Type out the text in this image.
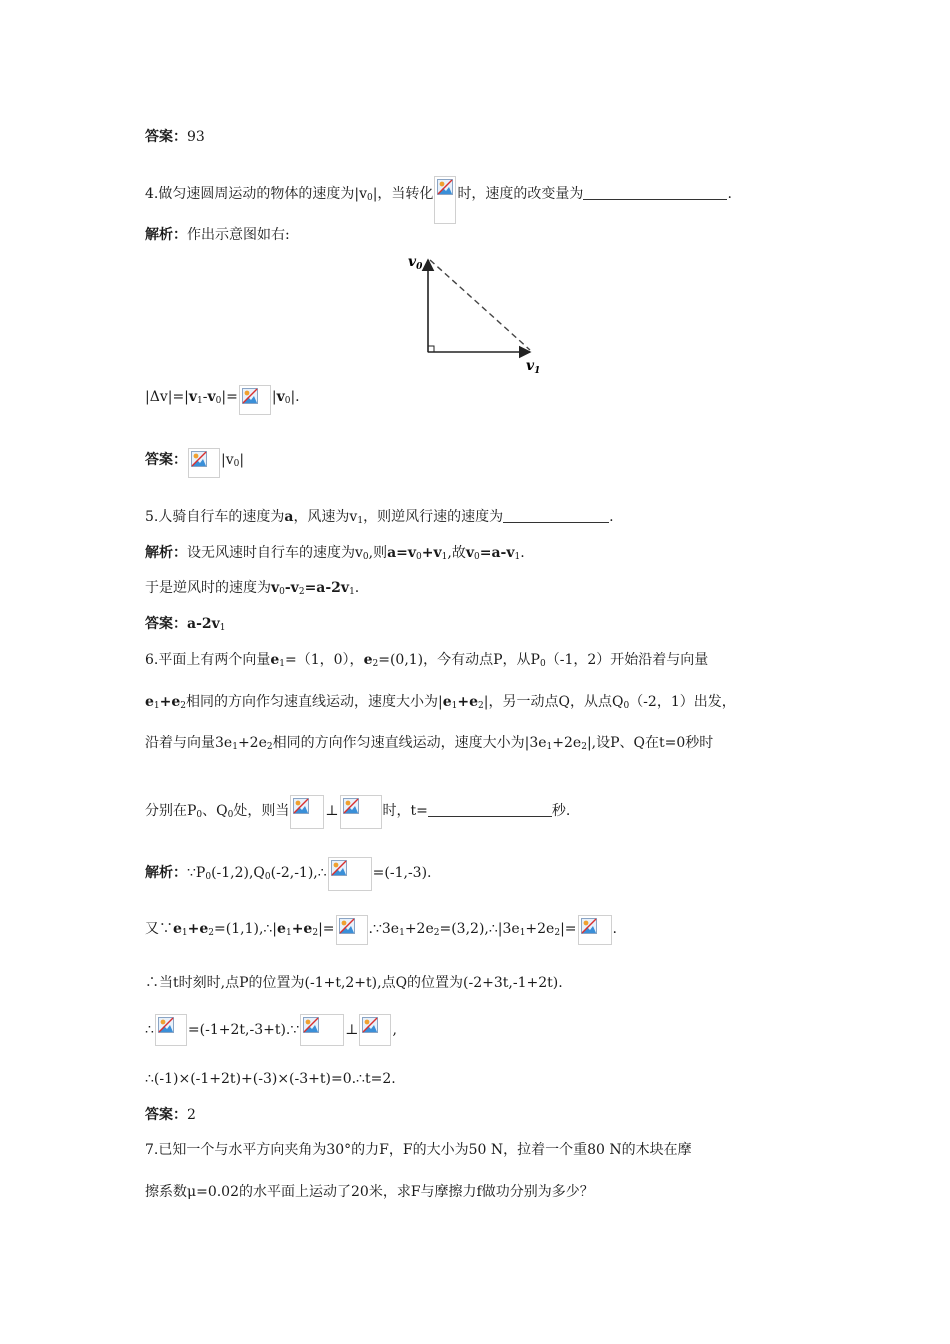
答案：93
4.做匀速圆周运动的物体的速度为$|v_0|$，当转化 时，速度的改变量为	.
解析：作出示意图如右:
$v_0$
$v_1$
$|\Delta v|=|v_1-v_0|= |v_0|$.
答案： $|v_0|$
5.人骑自行车的速度为a，风速为$v_1$，则逆风行速的速度为	.
解析：设无风速时自行车的速度为$v_0$,则$a=v_0+v_1$,故$v_0=a-v_1$.
于是逆风时的速度为$v_0-v_2=a-2v_1$.
答案：$a-2v_1$
6.平面上有两个向量$e_1=(1$，0），$e_2=(0,1)$，今有动点P，从$P_0(-1$，2）开始沿着与向量
$e_1+e_2$相同的方向作匀速直线运动，速度大小为$|e_1+e_2|$，另一动点Q，从点$Q_0(-2$，1）出发，
沿着与向量$3e_1+2e_2$相同的方向作匀速直线运动，速度大小为$|3e_1+2e_2|$,设P、Q在t=0秒时
分别在$P_0$、$Q_0$处，则当	⊥	时，t=	秒.
解析：$\because P_0(-1,2),Q_0(-2,-1),\therefore$	=(-1,-3).
又$\because e_1+e_2=(1,1),\therefore|e_1+e_2|=$ $.\because 3e_1+2e_2=(3,2),\therefore|3e_1+2e_2|=$	.
∴当t时刻时,点P的位置为(-1+t,2+t),点Q的位置为(-2+3t,-1+2t).
∴ =(-1+2t,-3+t).∵	⊥ ,
∴(-1)×(-1+2t)+(-3)×(-3+t)=0.∴t=2.
答案：2
7.已知一个与水平方向夹角为30°的力F，F的大小为50 N，拉着一个重80 N的木块在摩
擦系数μ=0.02的水平面上运动了20米，求F与摩擦力f做功分别为多少？
